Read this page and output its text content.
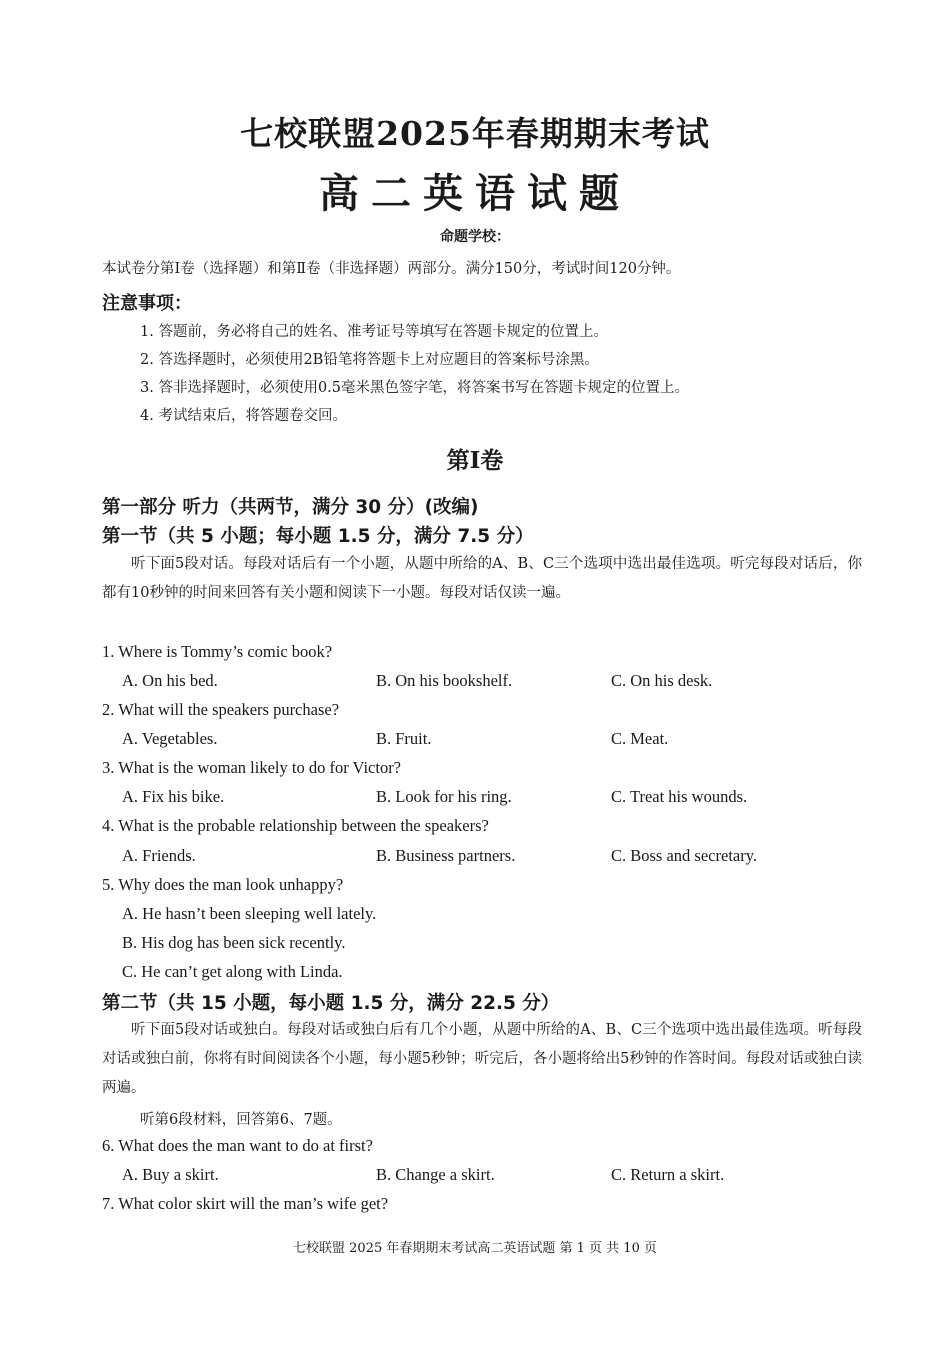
七校联盟2025年春期期末考试
高二英语试题
命题学校：
本试卷分第Ⅰ卷（选择题）和第Ⅱ卷（非选择题）两部分。满分150分，考试时间120分钟。
注意事项：
1. 答题前，务必将自己的姓名、准考证号等填写在答题卡规定的位置上。
2. 答选择题时，必须使用2B铅笔将答题卡上对应题目的答案标号涂黑。
3. 答非选择题时，必须使用0.5毫米黑色签字笔，将答案书写在答题卡规定的位置上。
4. 考试结束后，将答题卷交回。
第Ⅰ卷
第一部分 听力（共两节，满分 30 分）(改编)
第一节（共 5 小题；每小题 1.5 分，满分 7.5 分）
听下面5段对话。每段对话后有一个小题，从题中所给的A、B、C三个选项中选出最佳选项。听完每段对话后，你都有10秒钟的时间来回答有关小题和阅读下一小题。每段对话仅读一遍。
1. Where is Tommy’s comic book?
A. On his bed.	B. On his bookshelf.	C. On his desk.
2. What will the speakers purchase?
A. Vegetables.	B. Fruit.	C. Meat.
3. What is the woman likely to do for Victor?
A. Fix his bike.	B. Look for his ring.	C. Treat his wounds.
4. What is the probable relationship between the speakers?
A. Friends.	B. Business partners.	C. Boss and secretary.
5. Why does the man look unhappy?
A. He hasn’t been sleeping well lately.
B. His dog has been sick recently.
C. He can’t get along with Linda.
第二节（共 15 小题，每小题 1.5 分，满分 22.5 分）
听下面5段对话或独白。每段对话或独白后有几个小题，从题中所给的A、B、C三个选项中选出最佳选项。听每段对话或独白前，你将有时间阅读各个小题，每小题5秒钟；听完后，各小题将给出5秒钟的作答时间。每段对话或独白读两遍。
听第6段材料，回答第6、7题。
6. What does the man want to do at first?
A. Buy a skirt.	B. Change a skirt.	C. Return a skirt.
7. What color skirt will the man’s wife get?
七校联盟 2025 年春期期末考试高二英语试题 第 1 页 共 10 页
